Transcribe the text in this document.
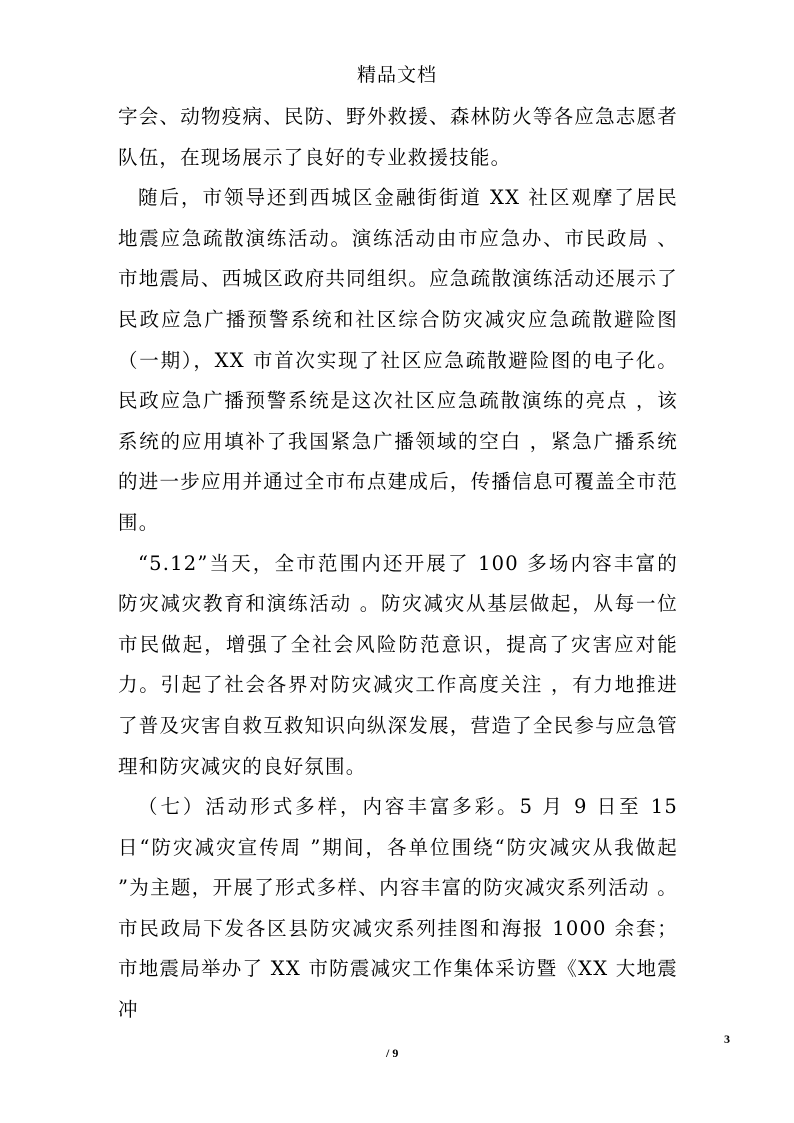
精品文档

字会、动物疫病、民防、野外救援、森林防火等各应急志愿者队伍，在现场展示了良好的专业救援技能。

随后，市领导还到西城区金融街街道 XX 社区观摩了居民地震应急疏散演练活动。演练活动由市应急办、市民政局 、市地震局、西城区政府共同组织。应急疏散演练活动还展示了民政应急广播预警系统和社区综合防灾减灾应急疏散避险图（一期），XX 市首次实现了社区应急疏散避险图的电子化。民政应急广播预警系统是这次社区应急疏散演练的亮点 ，该系统的应用填补了我国紧急广播领域的空白 ，紧急广播系统的进一步应用并通过全市布点建成后，传播信息可覆盖全市范围。

“5.12”当天，全市范围内还开展了 100 多场内容丰富的防灾减灾教育和演练活动 。防灾减灾从基层做起，从每一位市民做起，增强了全社会风险防范意识，提高了灾害应对能力。引起了社会各界对防灾减灾工作高度关注 ，有力地推进了普及灾害自救互救知识向纵深发展，营造了全民参与应急管理和防灾减灾的良好氛围。

（七）活动形式多样，内容丰富多彩。5 月 9 日至 15 日“防灾减灾宣传周 ”期间，各单位围绕“防灾减灾从我做起 ”为主题，开展了形式多样、内容丰富的防灾减灾系列活动 。市民政局下发各区县防灾减灾系列挂图和海报 1000 余套；市地震局举办了 XX 市防震减灾工作集体采访暨《XX 大地震冲

3
/ 9
